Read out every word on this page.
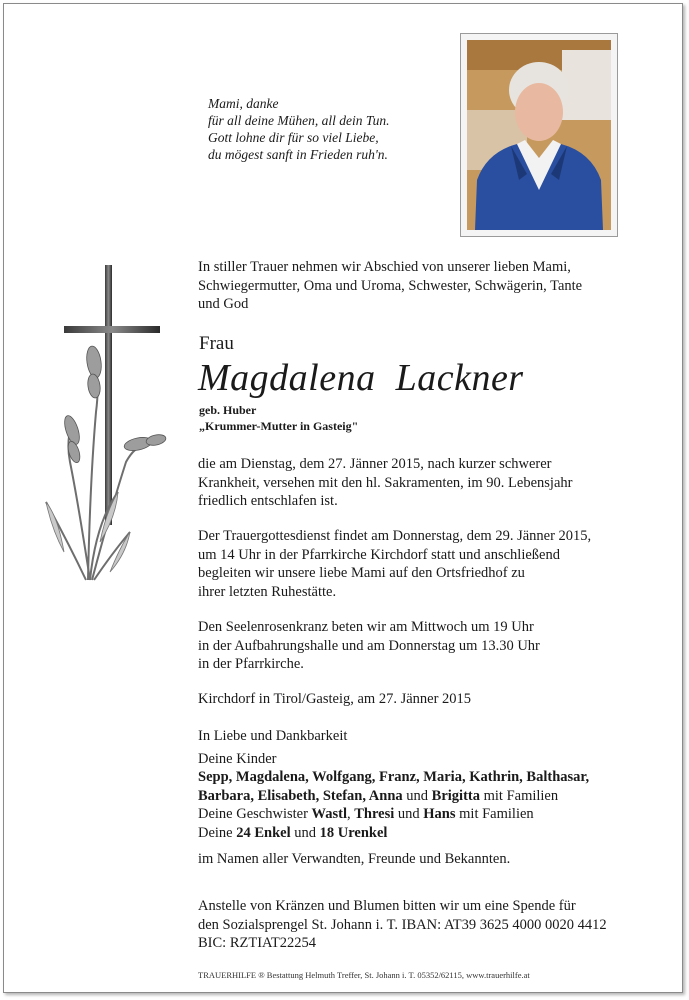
Mami, danke
für all deine Mühen, all dein Tun.
Gott lohne dir für so viel Liebe,
du mögest sanft in Frieden ruh'n.
In stiller Trauer nehmen wir Abschied von unserer lieben Mami,
Schwiegermutter, Oma und Uroma, Schwester, Schwägerin, Tante
und God
Frau
Magdalena  Lackner
geb. Huber
„Krummer-Mutter in Gasteig"
die am Dienstag, dem 27. Jänner 2015, nach kurzer schwerer
Krankheit, versehen mit den hl. Sakramenten, im 90. Lebensjahr
friedlich entschlafen ist.
Der Trauergottesdienst findet am Donnerstag, dem 29. Jänner 2015,
um 14 Uhr in der Pfarrkirche Kirchdorf statt und anschließend
begleiten wir unsere liebe Mami auf den Ortsfriedhof zu
ihrer letzten Ruhestätte.
Den Seelenrosenkranz beten wir am Mittwoch um 19 Uhr
in der Aufbahrungshalle und am Donnerstag um 13.30 Uhr
in der Pfarrkirche.
Kirchdorf in Tirol/Gasteig, am 27. Jänner 2015
In Liebe und Dankbarkeit
Deine Kinder
Sepp, Magdalena, Wolfgang, Franz, Maria, Kathrin, Balthasar,
Barbara, Elisabeth, Stefan, Anna und Brigitta mit Familien
Deine Geschwister Wastl, Thresi und Hans mit Familien
Deine 24 Enkel und 18 Urenkel
im Namen aller Verwandten, Freunde und Bekannten.
Anstelle von Kränzen und Blumen bitten wir um eine Spende für
den Sozialsprengel St. Johann i. T. IBAN: AT39 3625 4000 0020 4412
BIC: RZTIAT22254
TRAUERHILFE ® Bestattung Helmuth Treffer, St. Johann i. T. 05352/62115, www.trauerhilfe.at
